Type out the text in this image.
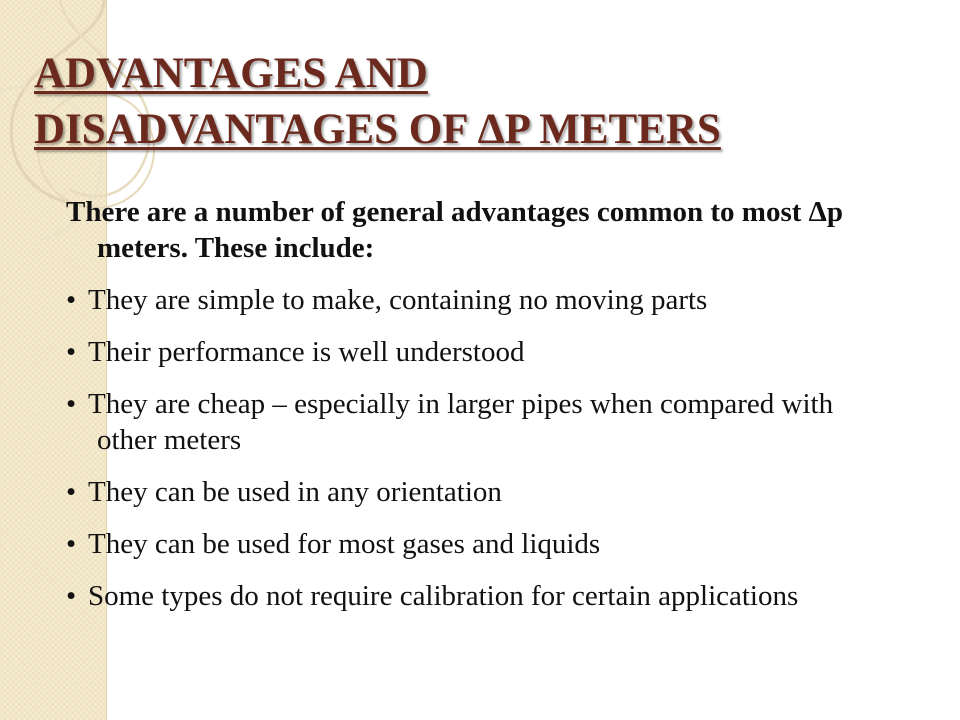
ADVANTAGES AND
DISADVANTAGES OF ΔP METERS

There are a number of general advantages common to most Δp meters. These include:

• They are simple to make, containing no moving parts

• Their performance is well understood

• They are cheap – especially in larger pipes when compared with other meters

• They can be used in any orientation

• They can be used for most gases and liquids

• Some types do not require calibration for certain applications
